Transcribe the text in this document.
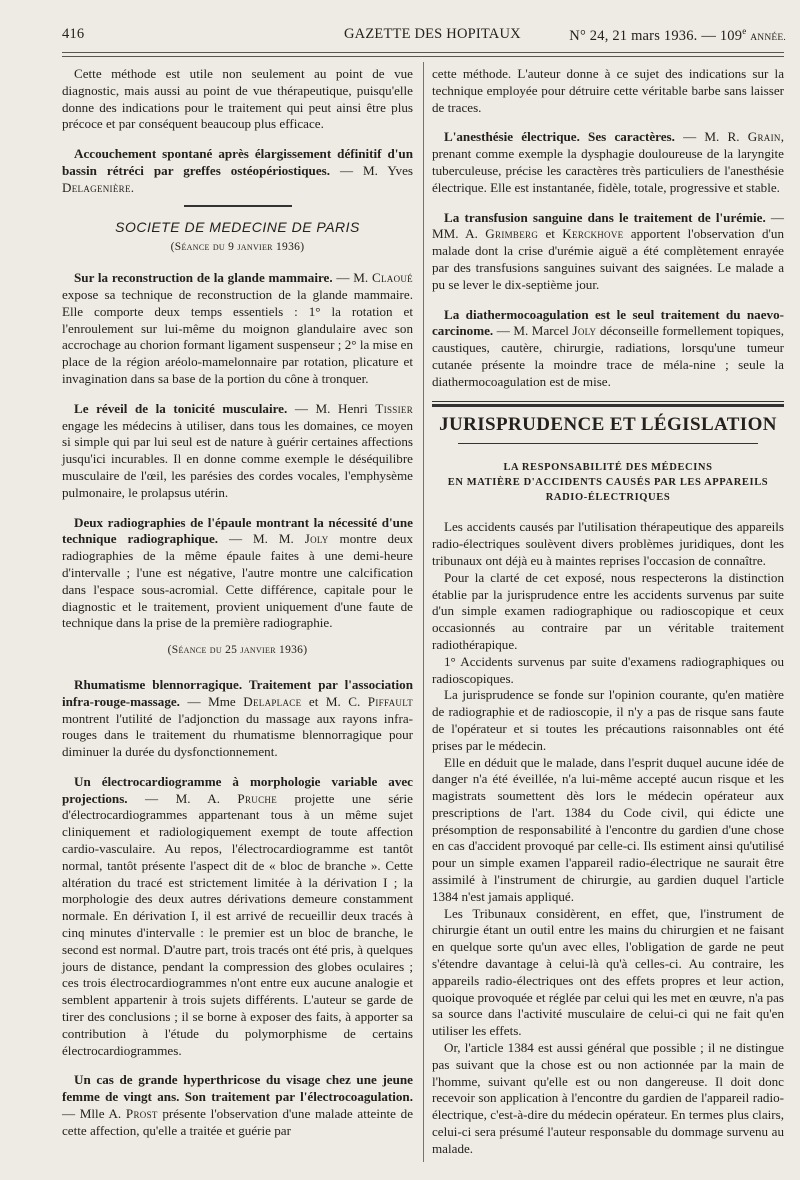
416	GAZETTE DES HOPITAUX	N° 24, 21 mars 1936. — 109e ANNÉE.

Cette méthode est utile non seulement au point de vue diagnostic, mais aussi au point de vue thérapeutique, puisqu'elle donne des indications pour le traitement qui peut ainsi être plus précoce et par conséquent beaucoup plus efficace.

Accouchement spontané après élargissement définitif d'un bassin rétréci par greffes ostéopériostiques. — M. Yves Delagenière.

SOCIETE DE MEDECINE DE PARIS
(Séance du 9 janvier 1936)

Sur la reconstruction de la glande mammaire. — M. Claoué expose sa technique de reconstruction de la glande mammaire. Elle comporte deux temps essentiels : 1° la rotation et l'enroulement sur lui-même du moignon glandulaire avec son accrochage au chorion formant ligament suspenseur ; 2° la mise en place de la région aréolo-mamelonnaire par rotation, plicature et invagination dans sa base de la portion du cône à tronquer.

Le réveil de la tonicité musculaire. — M. Henri Tissier engage les médecins à utiliser, dans tous les domaines, ce moyen si simple qui par lui seul est de nature à guérir certaines affections jusqu'ici incurables. Il en donne comme exemple le déséquilibre musculaire de l'œil, les parésies des cordes vocales, l'emphysème pulmonaire, le prolapsus utérin.

Deux radiographies de l'épaule montrant la nécessité d'une technique radiographique. — M. M. Joly montre deux radiographies de la même épaule faites à une demi-heure d'intervalle ; l'une est négative, l'autre montre une calcification dans l'espace sous-acromial. Cette différence, capitale pour le diagnostic et le traitement, provient uniquement d'une faute de technique dans la prise de la première radiographie.

(Séance du 25 janvier 1936)

Rhumatisme blennorragique. Traitement par l'association infra-rouge-massage. — Mme Delaplace et M. C. Piffault montrent l'utilité de l'adjonction du massage aux rayons infra-rouges dans le traitement du rhumatisme blennorragique pour diminuer la durée du dysfonctionnement.

Un électrocardiogramme à morphologie variable avec projections. — M. A. Pruche projette une série d'électrocardiogrammes appartenant tous à un même sujet cliniquement et radiologiquement exempt de toute affection cardio-vasculaire. Au repos, l'électrocardiogramme est tantôt normal, tantôt présente l'aspect dit de « bloc de branche ». Cette altération du tracé est strictement limitée à la dérivation I ; la morphologie des deux autres dérivations demeure constamment normale. En dérivation I, il est arrivé de recueillir deux tracés à cinq minutes d'intervalle : le premier est un bloc de branche, le second est normal. D'autre part, trois tracés ont été pris, à quelques jours de distance, pendant la compression des globes oculaires ; ces trois électrocardiogrammes n'ont entre eux aucune analogie et semblent appartenir à trois sujets différents. L'auteur se garde de tirer des conclusions ; il se borne à exposer des faits, à apporter sa contribution à l'étude du polymorphisme de certains électrocardiogrammes.

Un cas de grande hyperthricose du visage chez une jeune femme de vingt ans. Son traitement par l'électrocoagulation. — Mlle A. Prost présente l'observation d'une malade atteinte de cette affection, qu'elle a traitée et guérie par

cette méthode. L'auteur donne à ce sujet des indications sur la technique employée pour détruire cette véritable barbe sans laisser de traces.

L'anesthésie électrique. Ses caractères. — M. R. Grain, prenant comme exemple la dysphagie douloureuse de la laryngite tuberculeuse, précise les caractères très particuliers de l'anesthésie électrique. Elle est instantanée, fidèle, totale, progressive et stable.

La transfusion sanguine dans le traitement de l'urémie. — MM. A. Grimberg et Kerckhove apportent l'observation d'un malade dont la crise d'urémie aiguë a été complètement enrayée par des transfusions sanguines suivant des saignées. Le malade a pu se lever le dix-septième jour.

La diathermocoagulation est le seul traitement du naevo-carcinome. — M. Marcel Joly déconseille formellement topiques, caustiques, cautère, chirurgie, radiations, lorsqu'une tumeur cutanée présente la moindre trace de méla-nine ; seule la diathermocoagulation est de mise.

JURISPRUDENCE ET LÉGISLATION
LA RESPONSABILITÉ DES MÉDECINS
EN MATIÈRE D'ACCIDENTS CAUSÉS PAR LES APPAREILS RADIO-ÉLECTRIQUES

Les accidents causés par l'utilisation thérapeutique des appareils radio-électriques soulèvent divers problèmes juridiques, dont les tribunaux ont déjà eu à maintes reprises l'occasion de connaître.

Pour la clarté de cet exposé, nous respecterons la distinction établie par la jurisprudence entre les accidents survenus par suite d'un simple examen radiographique ou radioscopique et ceux occasionnés au contraire par un véritable traitement radiothérapique.

1° Accidents survenus par suite d'examens radiographiques ou radioscopiques.

La jurisprudence se fonde sur l'opinion courante, qu'en matière de radiographie et de radioscopie, il n'y a pas de risque sans faute de l'opérateur et si toutes les précautions raisonnables ont été prises par le médecin.

Elle en déduit que le malade, dans l'esprit duquel aucune idée de danger n'a été éveillée, n'a lui-même accepté aucun risque et les magistrats soumettent dès lors le médecin opérateur aux prescriptions de l'art. 1384 du Code civil, qui édicte une présomption de responsabilité à l'encontre du gardien d'une chose en cas d'accident provoqué par celle-ci. Ils estiment ainsi qu'utilisé pour un simple examen l'appareil radio-électrique ne saurait être assimilé à l'instrument de chirurgie, au gardien duquel l'article 1384 n'est jamais appliqué.

Les Tribunaux considèrent, en effet, que, l'instrument de chirurgie étant un outil entre les mains du chirurgien et ne faisant en quelque sorte qu'un avec elles, l'obligation de garde ne peut s'étendre davantage à celui-là qu'à celles-ci. Au contraire, les appareils radio-électriques ont des effets propres et leur action, quoique provoquée et réglée par celui qui les met en œuvre, n'a pas sa source dans l'activité musculaire de celui-ci qui ne fait qu'en utiliser les effets.

Or, l'article 1384 est aussi général que possible ; il ne distingue pas suivant que la chose est ou non actionnée par la main de l'homme, suivant qu'elle est ou non dangereuse. Il doit donc recevoir son application à l'encontre du gardien de l'appareil radio-électrique, c'est-à-dire du médecin opérateur. En termes plus clairs, celui-ci sera présumé l'auteur responsable du dommage survenu au malade.
